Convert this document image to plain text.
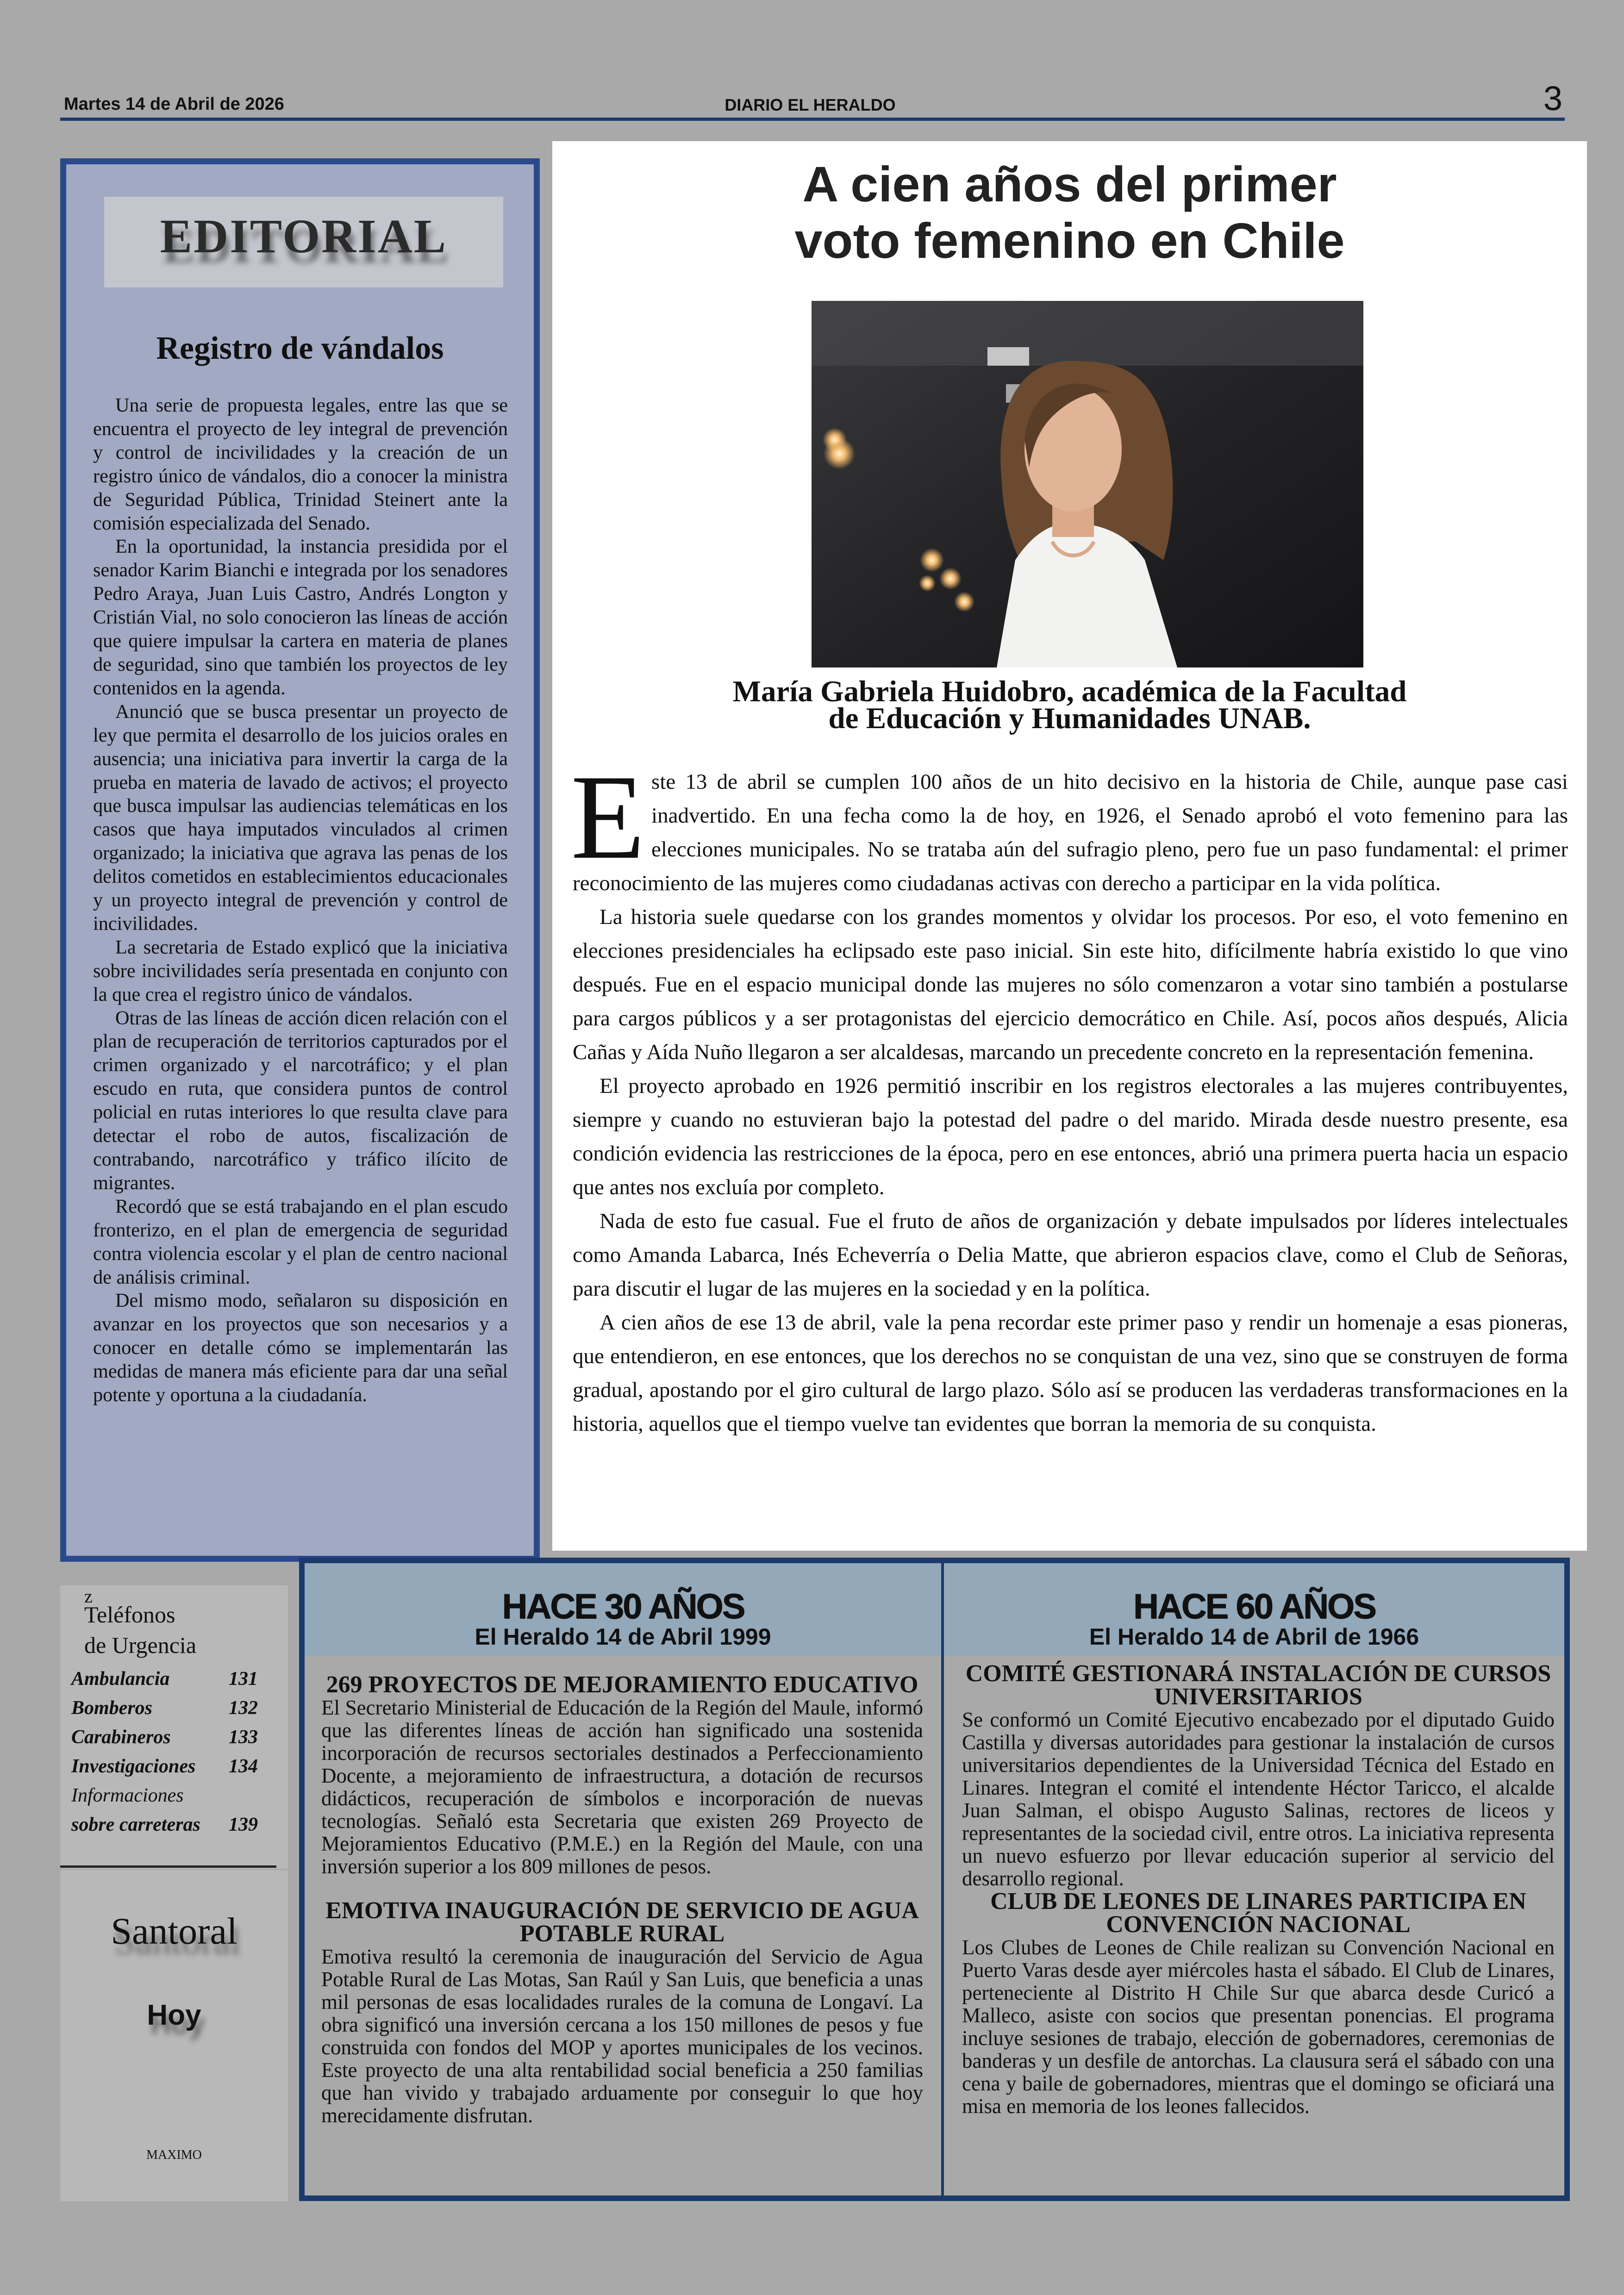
Martes 14 de Abril de 2026	DIARIO EL HERALDO	3
EDITORIAL
Registro de vándalos

Una serie de propuesta legales, entre las que se encuentra el proyecto de ley integral de prevención y control de incivilidades y la creación de un registro único de vándalos, dio a conocer la ministra de Seguridad Pública, Trinidad Steinert ante la comisión especializada del Senado.

En la oportunidad, la instancia presidida por el senador Karim Bianchi e integrada por los senadores Pedro Araya, Juan Luis Castro, Andrés Longton y Cristián Vial, no solo conocieron las líneas de acción que quiere impulsar la cartera en materia de planes de seguridad, sino que también los proyectos de ley contenidos en la agenda.

Anunció que se busca presentar un proyecto de ley que permita el desarrollo de los juicios orales en ausencia; una iniciativa para invertir la carga de la prueba en materia de lavado de activos; el proyecto que busca impulsar las audiencias telemáticas en los casos que haya imputados vinculados al crimen organizado; la iniciativa que agrava las penas de los delitos cometidos en establecimientos educacionales y un proyecto integral de prevención y control de incivilidades.

La secretaria de Estado explicó que la iniciativa sobre incivilidades sería presentada en conjunto con la que crea el registro único de vándalos.

Otras de las líneas de acción dicen relación con el plan de recuperación de territorios capturados por el crimen organizado y el narcotráfico; y el plan escudo en ruta, que considera puntos de control policial en rutas interiores lo que resulta clave para detectar el robo de autos, fiscalización de contrabando, narcotráfico y tráfico ilícito de migrantes.

Recordó que se está trabajando en el plan escudo fronterizo, en el plan de emergencia de seguridad contra violencia escolar y el plan de centro nacional de análisis criminal.

Del mismo modo, señalaron su disposición en avanzar en los proyectos que son necesarios y a conocer en detalle cómo se implementarán las medidas de manera más eficiente para dar una señal potente y oportuna a la ciudadanía.

A cien años del primer
voto femenino en Chile
María Gabriela Huidobro, académica de la Facultad
de Educación y Humanidades UNAB.

Este 13 de abril se cumplen 100 años de un hito decisivo en la historia de Chile, aunque pase casi inadvertido. En una fecha como la de hoy, en 1926, el Senado aprobó el voto femenino para las elecciones municipales. No se trataba aún del sufragio pleno, pero fue un paso fundamental: el primer reconocimiento de las mujeres como ciudadanas activas con derecho a participar en la vida política.

La historia suele quedarse con los grandes momentos y olvidar los procesos. Por eso, el voto femenino en elecciones presidenciales ha eclipsado este paso inicial. Sin este hito, difícilmente habría existido lo que vino después. Fue en el espacio municipal donde las mujeres no sólo comenzaron a votar sino también a postularse para cargos públicos y a ser protagonistas del ejercicio democrático en Chile. Así, pocos años después, Alicia Cañas y Aída Nuño llegaron a ser alcaldesas, marcando un precedente concreto en la representación femenina.

El proyecto aprobado en 1926 permitió inscribir en los registros electorales a las mujeres contribuyentes, siempre y cuando no estuvieran bajo la potestad del padre o del marido. Mirada desde nuestro presente, esa condición evidencia las restricciones de la época, pero en ese entonces, abrió una primera puerta hacia un espacio que antes nos excluía por completo.

Nada de esto fue casual. Fue el fruto de años de organización y debate impulsados por líderes intelectuales como Amanda Labarca, Inés Echeverría o Delia Matte, que abrieron espacios clave, como el Club de Señoras, para discutir el lugar de las mujeres en la sociedad y en la política.

A cien años de ese 13 de abril, vale la pena recordar este primer paso y rendir un homenaje a esas pioneras, que entendieron, en ese entonces, que los derechos no se conquistan de una vez, sino que se construyen de forma gradual, apostando por el giro cultural de largo plazo. Sólo así se producen las verdaderas transformaciones en la historia, aquellos que el tiempo vuelve tan evidentes que borran la memoria de su conquista.

z
Teléfonos
de Urgencia
Ambulancia	131
Bomberos	132
Carabineros	133
Investigaciones 134
Informaciones
sobre carreteras 139
Santoral
Hoy
MAXIMO
HACE 30 AÑOS
El Heraldo 14 de Abril 1999
HACE 60 AÑOS
El Heraldo 14 de Abril de 1966
269 PROYECTOS DE MEJORAMIENTO EDUCATIVO

El Secretario Ministerial de Educación de la Región del Maule, informó que las diferentes líneas de acción han significado una sostenida incorporación de recursos sectoriales destinados a Perfeccionamiento Docente, a mejoramiento de infraestructura, a dotación de recursos didácticos, recuperación de símbolos e incorporación de nuevas tecnologías. Señaló esta Secretaria que existen 269 Proyecto de Mejoramientos Educativo (P.M.E.) en la Región del Maule, con una inversión superior a los 809 millones de pesos.

EMOTIVA INAUGURACIÓN DE SERVICIO DE AGUA POTABLE RURAL

Emotiva resultó la ceremonia de inauguración del Servicio de Agua Potable Rural de Las Motas, San Raúl y San Luis, que beneficia a unas mil personas de esas localidades rurales de la comuna de Longaví. La obra significó una inversión cercana a los 150 millones de pesos y fue construida con fondos del MOP y aportes municipales de los vecinos. Este proyecto de una alta rentabilidad social beneficia a 250 familias que han vivido y trabajado arduamente por conseguir lo que hoy merecidamente disfrutan.

COMITÉ GESTIONARÁ INSTALACIÓN DE CURSOS UNIVERSITARIOS

Se conformó un Comité Ejecutivo encabezado por el diputado Guido Castilla y diversas autoridades para gestionar la instalación de cursos universitarios dependientes de la Universidad Técnica del Estado en Linares. Integran el comité el intendente Héctor Taricco, el alcalde Juan Salman, el obispo Augusto Salinas, rectores de liceos y representantes de la sociedad civil, entre otros. La iniciativa representa un nuevo esfuerzo por llevar educación superior al servicio del desarrollo regional.

CLUB DE LEONES DE LINARES PARTICIPA EN CONVENCIÓN NACIONAL

Los Clubes de Leones de Chile realizan su Convención Nacional en Puerto Varas desde ayer miércoles hasta el sábado. El Club de Linares, perteneciente al Distrito H Chile Sur que abarca desde Curicó a Malleco, asiste con socios que presentan ponencias. El programa incluye sesiones de trabajo, elección de gobernadores, ceremonias de banderas y un desfile de antorchas. La clausura será el sábado con una cena y baile de gobernadores, mientras que el domingo se oficiará una misa en memoria de los leones fallecidos.
